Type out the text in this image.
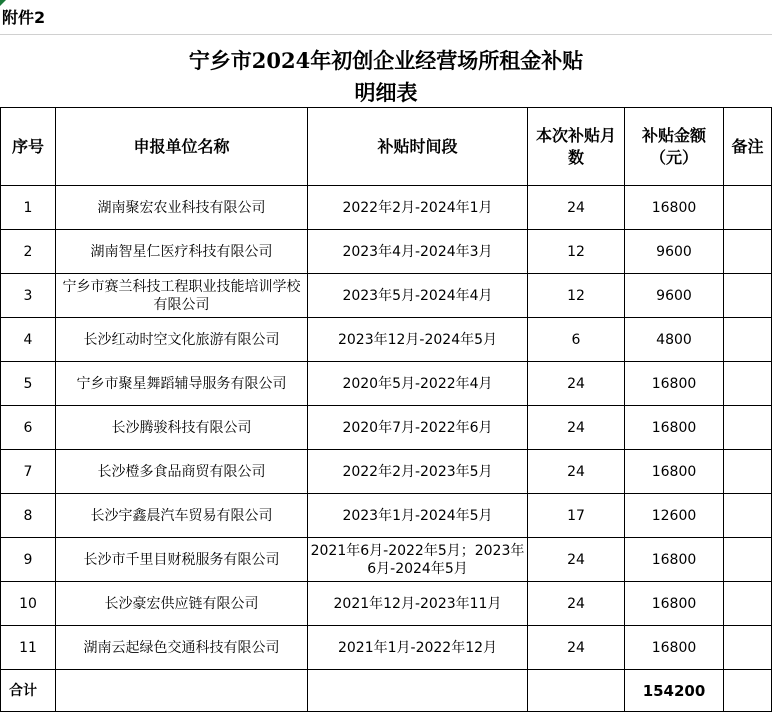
附件2
宁乡市2024年初创企业经营场所租金补贴
明细表
序号	申报单位名称	补贴时间段	本次补贴月数	补贴金额（元）	备注
1	湖南聚宏农业科技有限公司	2022年2月-2024年1月	24	16800	
2	湖南智星仁医疗科技有限公司	2023年4月-2024年3月	12	9600	
3	宁乡市赛兰科技工程职业技能培训学校有限公司	2023年5月-2024年4月	12	9600	
4	长沙红动时空文化旅游有限公司	2023年12月-2024年5月	6	4800	
5	宁乡市聚星舞蹈辅导服务有限公司	2020年5月-2022年4月	24	16800	
6	长沙腾骏科技有限公司	2020年7月-2022年6月	24	16800	
7	长沙橙多食品商贸有限公司	2022年2月-2023年5月	24	16800	
8	长沙宇鑫晨汽车贸易有限公司	2023年1月-2024年5月	17	12600	
9	长沙市千里目财税服务有限公司	2021年6月-2022年5月；2023年6月-2024年5月	24	16800	
10	长沙豪宏供应链有限公司	2021年12月-2023年11月	24	16800	
11	湖南云起绿色交通科技有限公司	2021年1月-2022年12月	24	16800	
合计				154200	
